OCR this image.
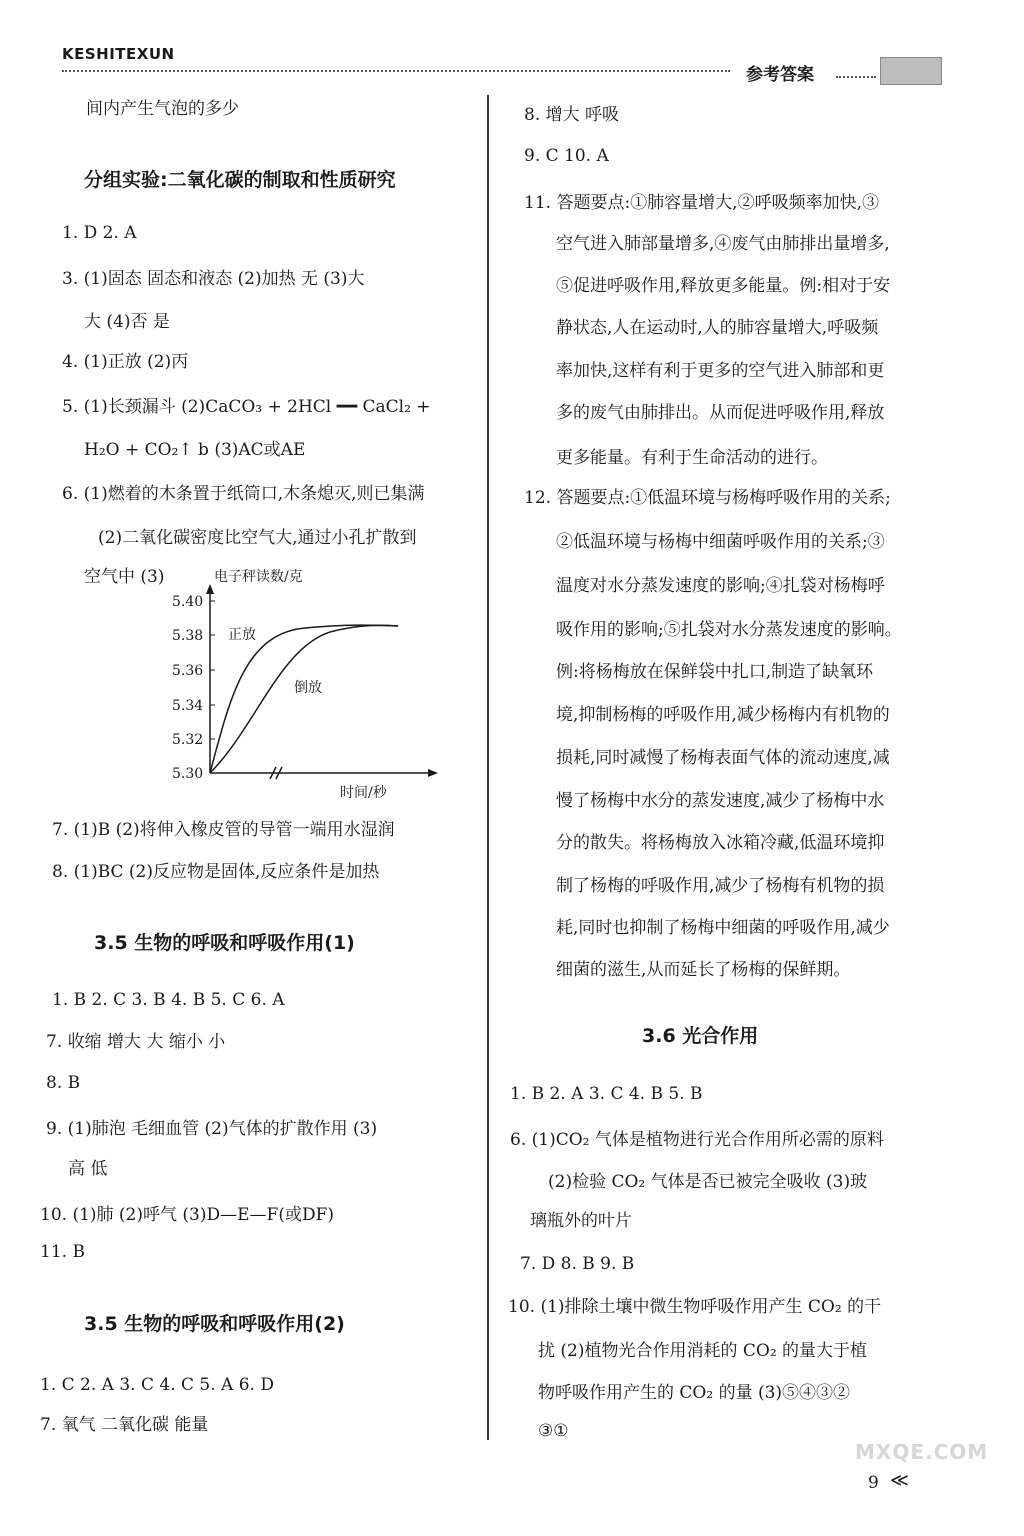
KESHITEXUN
参考答案
间内产生气泡的多少
分组实验:二氧化碳的制取和性质研究
1. D 2. A
3. (1)固态 固态和液态 (2)加热 无 (3)大
大 (4)否 是
4. (1)正放 (2)丙
5. (1)长颈漏斗 (2)CaCO₃ + 2HCl ━━ CaCl₂ +
H₂O + CO₂↑ b (3)AC或AE
6. (1)燃着的木条置于纸筒口,木条熄灭,则已集满
(2)二氧化碳密度比空气大,通过小孔扩散到
空气中 (3)	电子秤读数/克
时间/秒
5.40
5.38
5.36
5.34
5.32
5.30
正放
倒放
7. (1)B (2)将伸入橡皮管的导管一端用水湿润
8. (1)BC (2)反应物是固体,反应条件是加热
3.5 生物的呼吸和呼吸作用(1)
1. B 2. C 3. B 4. B 5. C 6. A
7. 收缩 增大 大 缩小 小
8. B
9. (1)肺泡 毛细血管 (2)气体的扩散作用 (3)
高 低
10. (1)肺 (2)呼气 (3)D—E—F(或DF)
11. B
3.5 生物的呼吸和呼吸作用(2)
1. C 2. A 3. C 4. C 5. A 6. D
7. 氧气 二氧化碳 能量
8. 增大 呼吸
9. C 10. A
11. 答题要点:①肺容量增大,②呼吸频率加快,③
空气进入肺部量增多,④废气由肺排出量增多,
⑤促进呼吸作用,释放更多能量。例:相对于安
静状态,人在运动时,人的肺容量增大,呼吸频
率加快,这样有利于更多的空气进入肺部和更
多的废气由肺排出。从而促进呼吸作用,释放
更多能量。有利于生命活动的进行。
12. 答题要点:①低温环境与杨梅呼吸作用的关系;
②低温环境与杨梅中细菌呼吸作用的关系;③
温度对水分蒸发速度的影响;④扎袋对杨梅呼
吸作用的影响;⑤扎袋对水分蒸发速度的影响。
例:将杨梅放在保鲜袋中扎口,制造了缺氧环
境,抑制杨梅的呼吸作用,减少杨梅内有机物的
损耗,同时减慢了杨梅表面气体的流动速度,减
慢了杨梅中水分的蒸发速度,减少了杨梅中水
分的散失。将杨梅放入冰箱冷藏,低温环境抑
制了杨梅的呼吸作用,减少了杨梅有机物的损
耗,同时也抑制了杨梅中细菌的呼吸作用,减少
细菌的滋生,从而延长了杨梅的保鲜期。
3.6 光合作用
1. B 2. A 3. C 4. B 5. B
6. (1)CO₂ 气体是植物进行光合作用所必需的原料
(2)检验 CO₂ 气体是否已被完全吸收 (3)玻
璃瓶外的叶片
7. D 8. B 9. B
10. (1)排除土壤中微生物呼吸作用产生 CO₂ 的干
扰 (2)植物光合作用消耗的 CO₂ 的量大于植
物呼吸作用产生的 CO₂ 的量 (3)⑤④③②
③①
MXQE.COM
9 ≪
